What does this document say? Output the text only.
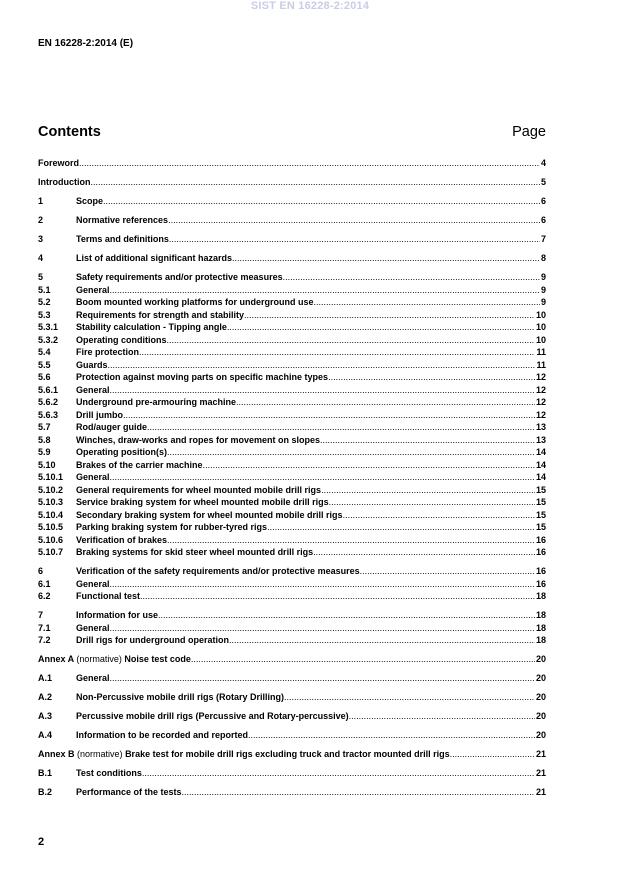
SIST EN 16228-2:2014
EN 16228-2:2014 (E)
Contents	Page
Foreword .....	4
Introduction .....	5
1	Scope .....	6
2	Normative references .....	6
3	Terms and definitions .....	7
4	List of additional significant hazards .....	8
5	Safety requirements and/or protective measures .....	9
5.1	General .....	9
5.2	Boom mounted working platforms for underground use .....	9
5.3	Requirements for strength and stability .....	10
5.3.1	Stability calculation - Tipping angle .....	10
5.3.2	Operating conditions .....	10
5.4	Fire protection .....	11
5.5	Guards .....	11
5.6	Protection against moving parts on specific machine types .....	12
5.6.1	General .....	12
5.6.2	Underground pre-armouring machine .....	12
5.6.3	Drill jumbo .....	12
5.7	Rod/auger guide .....	13
5.8	Winches, draw-works and ropes for movement on slopes .....	13
5.9	Operating position(s) .....	14
5.10	Brakes of the carrier machine .....	14
5.10.1	General .....	14
5.10.2	General requirements for wheel mounted mobile drill rigs .....	15
5.10.3	Service braking system for wheel mounted mobile drill rigs .....	15
5.10.4	Secondary braking system for wheel mounted mobile drill rigs .....	15
5.10.5	Parking braking system for rubber-tyred rigs .....	15
5.10.6	Verification of brakes .....	16
5.10.7	Braking systems for skid steer wheel mounted drill rigs .....	16
6	Verification of the safety requirements and/or protective measures .....	16
6.1	General .....	16
6.2	Functional test .....	18
7	Information for use .....	18
7.1	General .....	18
7.2	Drill rigs for underground operation .....	18
Annex A (normative) Noise test code .....	20
A.1	General .....	20
A.2	Non-Percussive mobile drill rigs (Rotary Drilling) .....	20
A.3	Percussive mobile drill rigs (Percussive and Rotary-percussive) .....	20
A.4	Information to be recorded and reported .....	20
Annex B (normative) Brake test for mobile drill rigs excluding truck and tractor mounted drill rigs .....	21
B.1	Test conditions .....	21
B.2	Performance of the tests .....	21
2
